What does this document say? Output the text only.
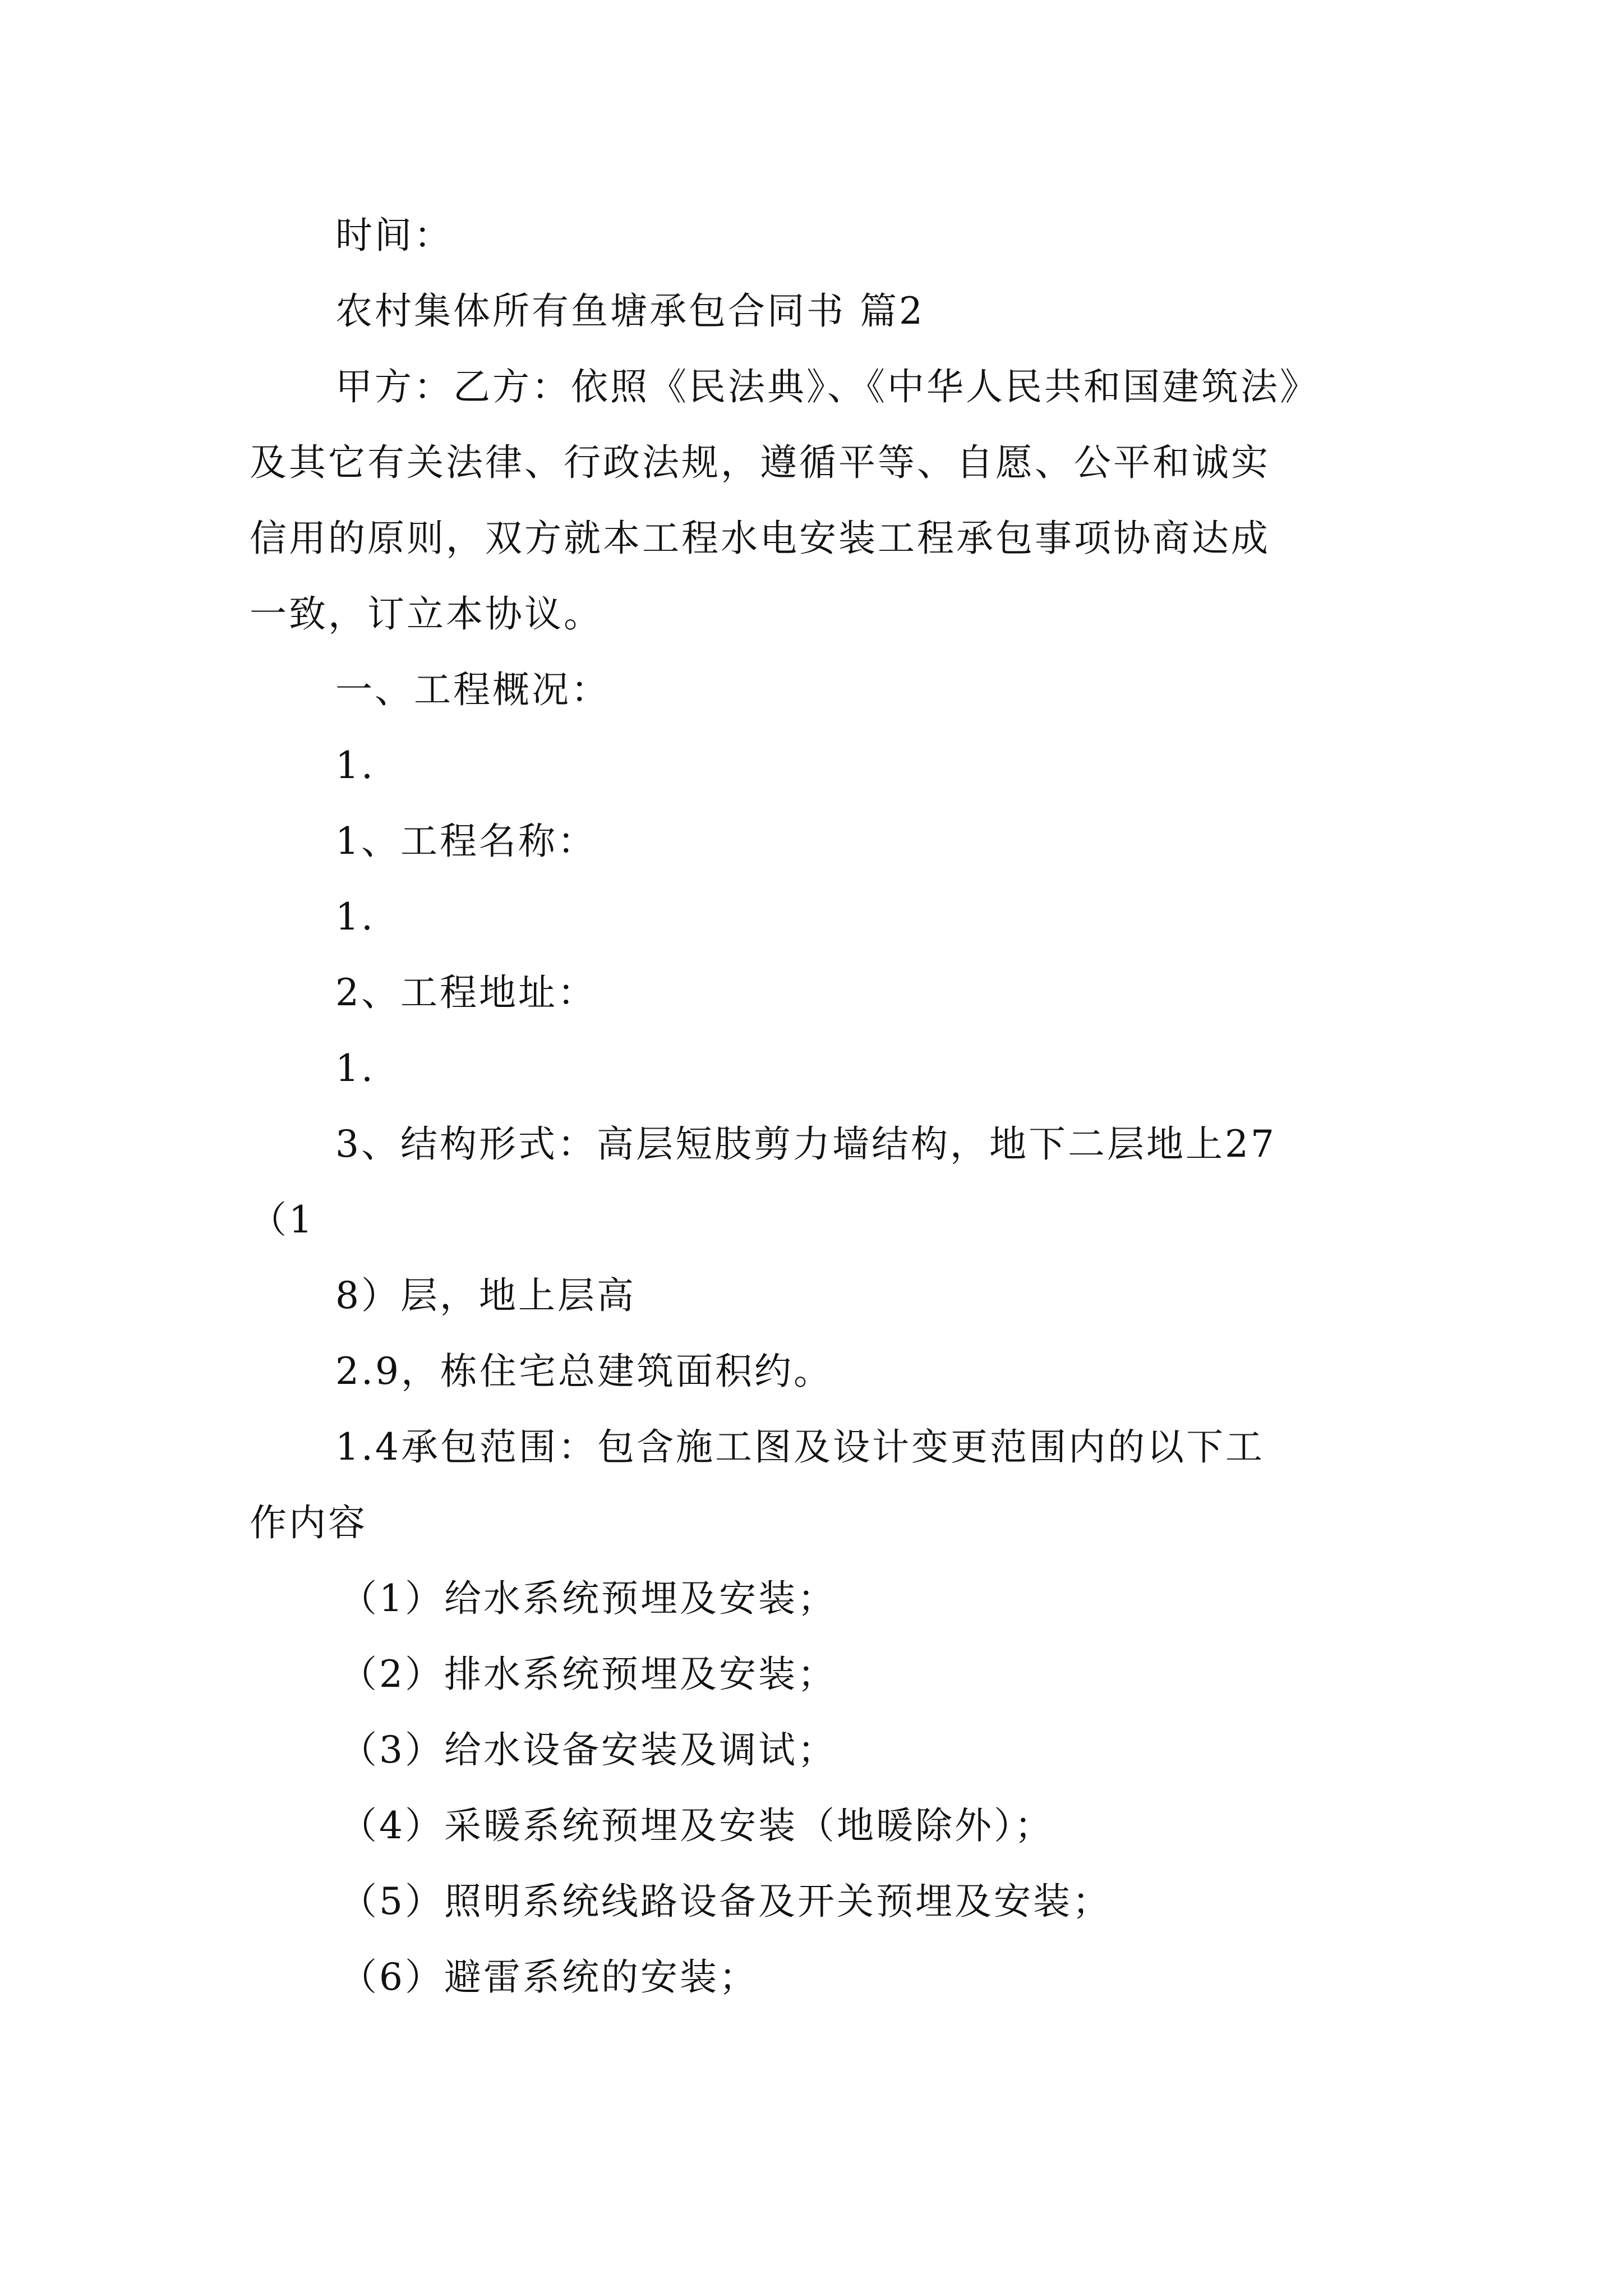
时间：
农村集体所有鱼塘承包合同书 篇2
甲方：乙方：依照《民法典》、《中华人民共和国建筑法》
及其它有关法律、行政法规，遵循平等、自愿、公平和诚实
信用的原则，双方就本工程水电安装工程承包事项协商达成
一致，订立本协议。
一、工程概况：
1.
1、工程名称：
1.
2、工程地址：
1.
3、结构形式：高层短肢剪力墙结构，地下二层地上27
（1
8）层，地上层高
2.9，栋住宅总建筑面积约。
1.4承包范围：包含施工图及设计变更范围内的以下工
作内容
（1）给水系统预埋及安装；
（2）排水系统预埋及安装；
（3）给水设备安装及调试；
（4）采暖系统预埋及安装（地暖除外）；
（5）照明系统线路设备及开关预埋及安装；
（6）避雷系统的安装；
